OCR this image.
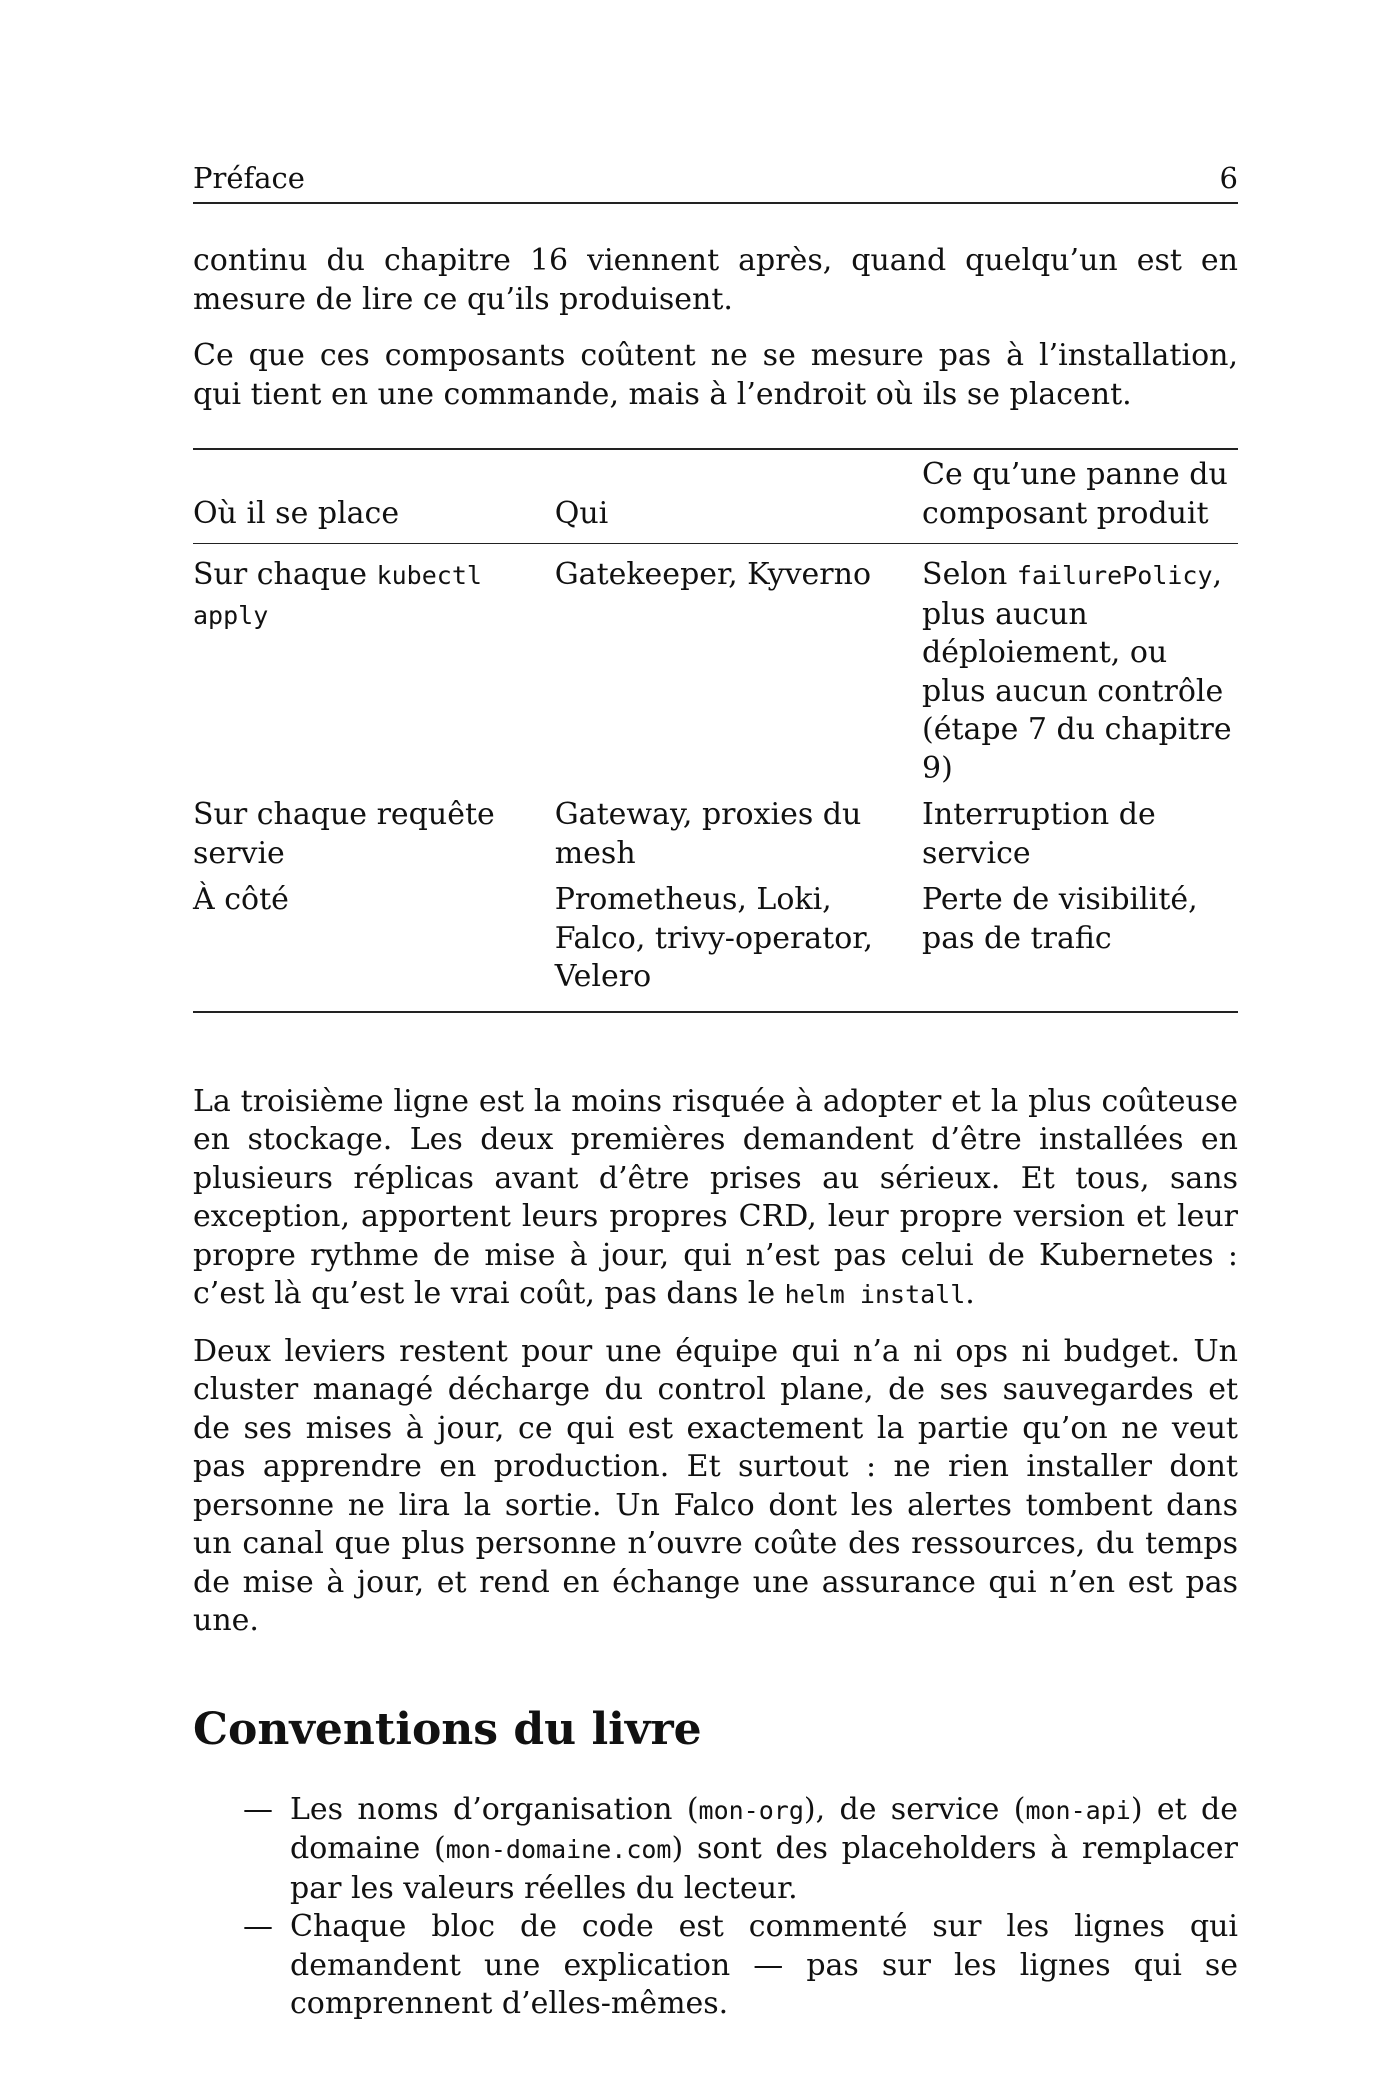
Préface	6

continu du chapitre 16 viennent après, quand quelqu’un est en mesure de lire ce qu’ils produisent.

Ce que ces composants coûtent ne se mesure pas à l’installation, qui tient en une commande, mais à l’endroit où ils se placent.

Où il se place	Qui	Ce qu’une panne du composant produit
Sur chaque kubectl apply	Gatekeeper, Kyverno	Selon failurePolicy, plus aucun déploiement, ou plus aucun contrôle (étape 7 du chapitre 9)
Sur chaque requête servie	Gateway, proxies du mesh	Interruption de service
À côté	Prometheus, Loki, Falco, trivy-operator, Velero	Perte de visibilité, pas de trafic

La troisième ligne est la moins risquée à adopter et la plus coûteuse en stockage. Les deux premières demandent d’être installées en plusieurs réplicas avant d’être prises au sérieux. Et tous, sans exception, apportent leurs propres CRD, leur propre version et leur propre rythme de mise à jour, qui n’est pas celui de Kubernetes : c’est là qu’est le vrai coût, pas dans le helm install.

Deux leviers restent pour une équipe qui n’a ni ops ni budget. Un cluster managé décharge du control plane, de ses sauvegardes et de ses mises à jour, ce qui est exactement la partie qu’on ne veut pas apprendre en production. Et surtout : ne rien installer dont personne ne lira la sortie. Un Falco dont les alertes tombent dans un canal que plus personne n’ouvre coûte des ressources, du temps de mise à jour, et rend en échange une assurance qui n’en est pas une.

Conventions du livre
— Les noms d’organisation (mon-org), de service (mon-api) et de domaine (mon-domaine.com) sont des placeholders à remplacer par les valeurs réelles du lecteur.
— Chaque bloc de code est commenté sur les lignes qui demandent une explication — pas sur les lignes qui se comprennent d’elles-mêmes.
